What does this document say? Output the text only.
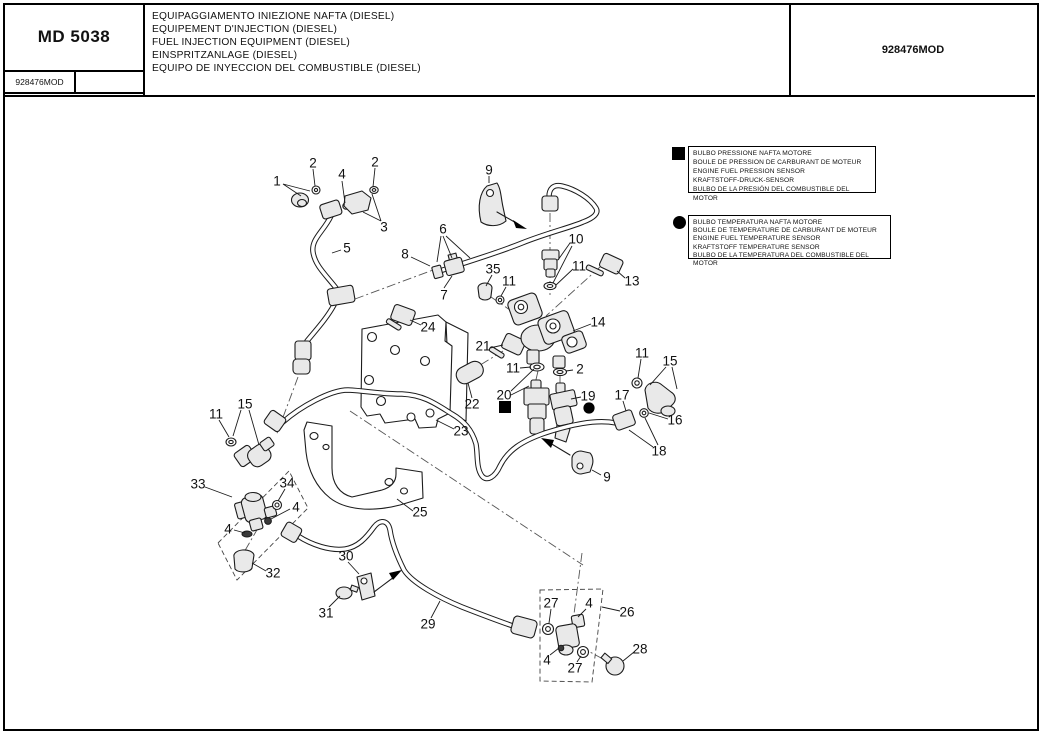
MD 5038
928476MOD
EQUIPAGGIAMENTO INIEZIONE NAFTA (DIESEL)
EQUIPEMENT D'INJECTION (DIESEL)
FUEL INJECTION EQUIPMENT (DIESEL)
EINSPRITZANLAGE (DIESEL)
EQUIPO DE INYECCION DEL COMBUSTIBLE (DIESEL)
928476MOD
BULBO PRESSIONE NAFTA MOTORE
BOULE DE PRESSION DE CARBURANT DE MOTEUR
ENGINE FUEL PRESSION SENSOR
KRAFTSTOFF-DRUCK-SENSOR
BULBO DE LA PRESIÓN DEL COMBUSTIBLE DEL MOTOR
BULBO TEMPERATURA NAFTA MOTORE
BOULE DE TEMPERATURE DE CARBURANT DE MOTEUR
ENGINE FUEL TEMPERATURE SENSOR
KRAFTSTOFF TEMPERATURE SENSOR
BULBO DE LA TEMPERATURA DEL COMBUSTIBLE DEL MOTOR
1
2
4
2
3
5
9
6
8
7
10
11
13
35
11
24	14
21
11	2
22
20	19
23
11
15
17
16
18
9
11
15
33	34
4
4
32
25
30
31
29
27 4
26
28
4
27
